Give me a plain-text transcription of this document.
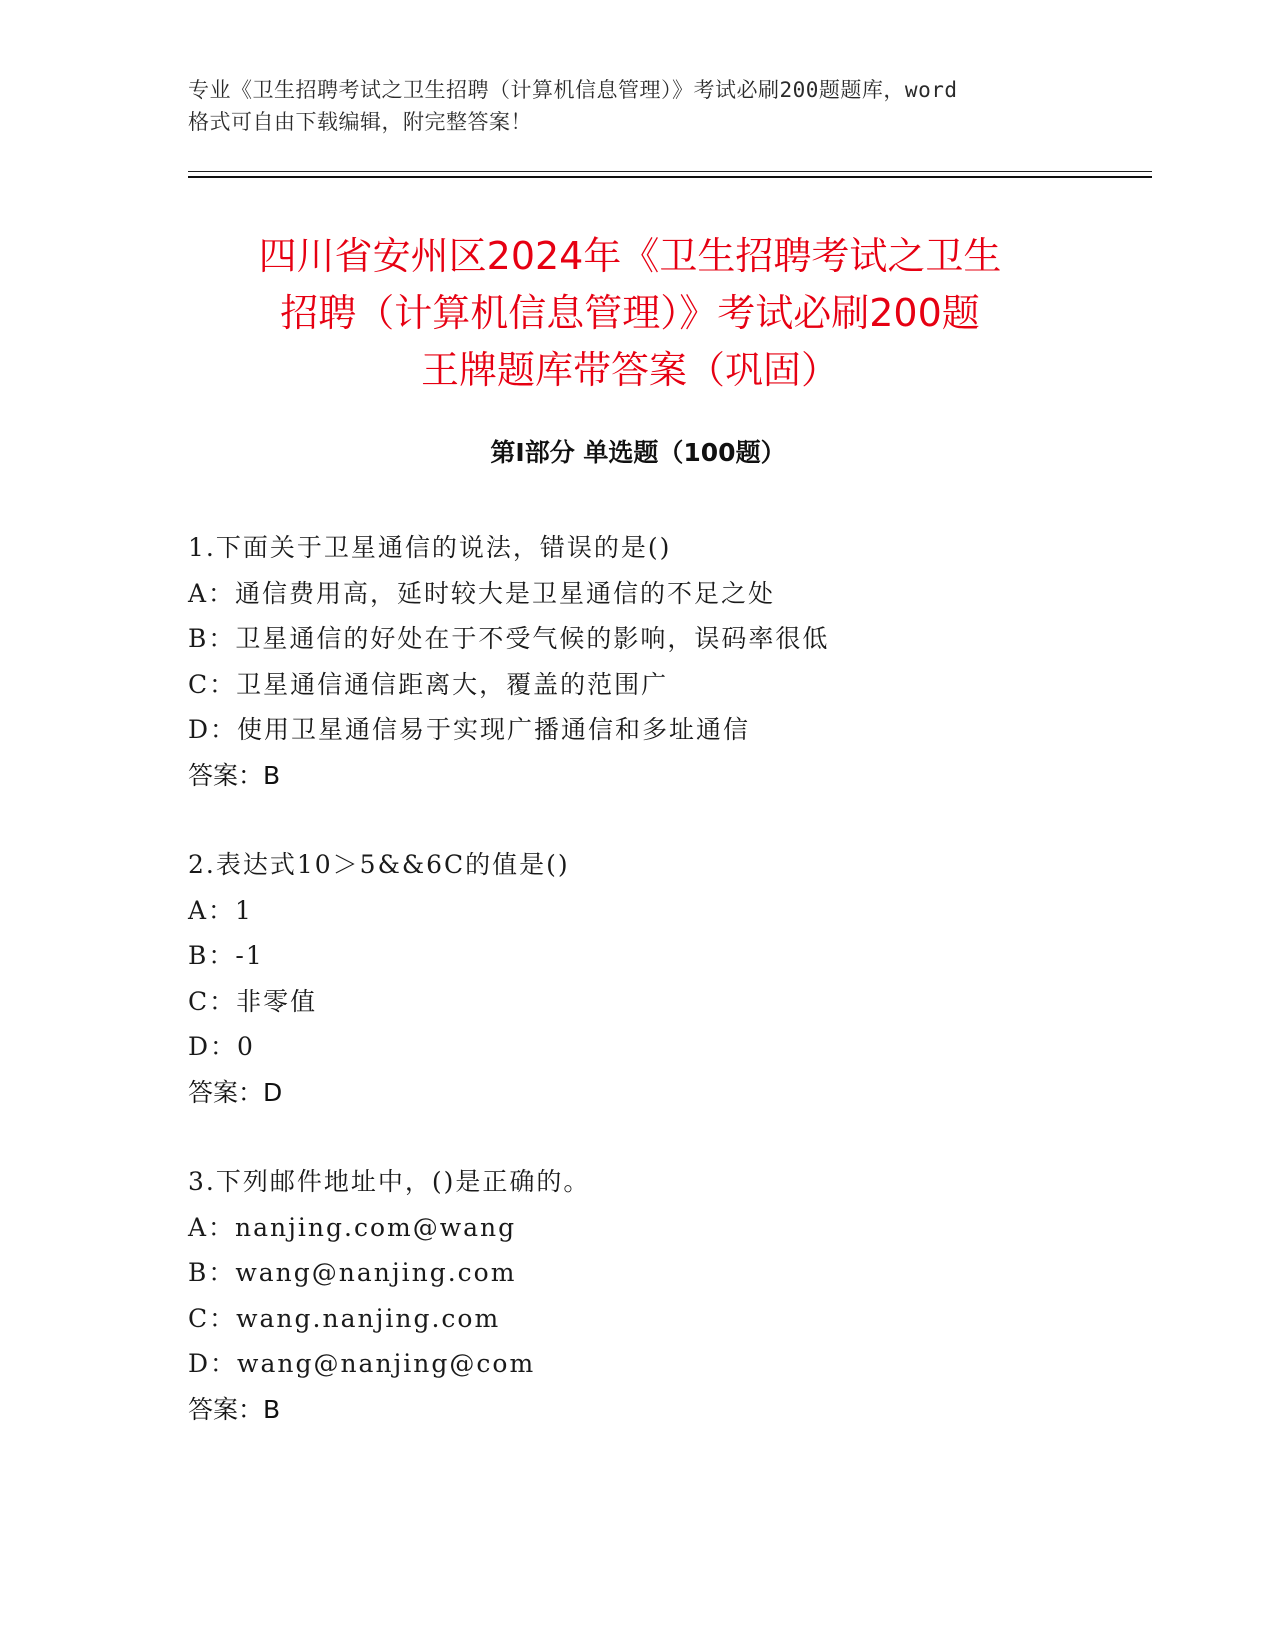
专业《卫生招聘考试之卫生招聘（计算机信息管理）》考试必刷200题题库，word
格式可自由下载编辑，附完整答案！
四川省安州区2024年《卫生招聘考试之卫生
招聘（计算机信息管理）》考试必刷200题
王牌题库带答案（巩固）
第Ⅰ部分 单选题（100题）
1.下面关于卫星通信的说法，错误的是()
A：通信费用高，延时较大是卫星通信的不足之处
B：卫星通信的好处在于不受气候的影响，误码率很低
C：卫星通信通信距离大，覆盖的范围广
D：使用卫星通信易于实现广播通信和多址通信
答案：B
2.表达式10＞5&&6C的值是()
A：1
B：-1
C：非零值
D：0
答案：D
3.下列邮件地址中，()是正确的。
A：nanjing.com@wang
B：wang@nanjing.com
C：wang.nanjing.com
D：wang@nanjing@com
答案：B
